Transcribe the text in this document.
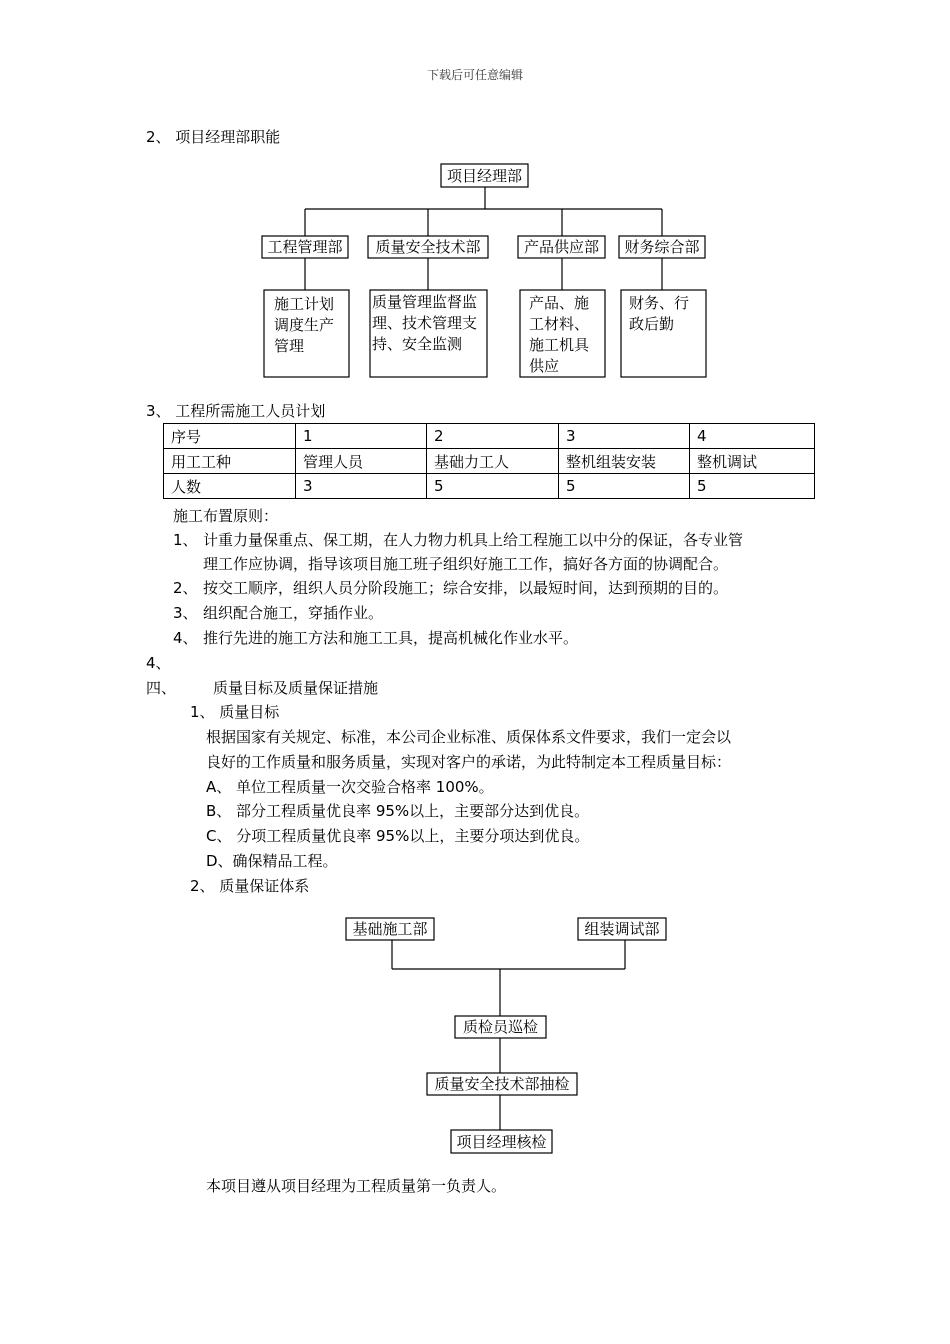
下载后可任意编辑
2、 项目经理部职能
项目经理部
工程管理部 质量安全技术部	产品供应部 财务综合部
施工计划
调度生产
管理
质量管理监督监
理、技术管理支
持、安全监测
产品、施
工材料、
施工机具
供应
财务、行
政后勤
3、 工程所需施工人员计划
序号	1	2	3	4
用工工种	管理人员	基础力工人	整机组装安装	整机调试
人数	3	5	5	5
施工布置原则：
1、 计重力量保重点、保工期，在人力物力机具上给工程施工以中分的保证，各专业管
理工作应协调，指导该项目施工班子组织好施工工作，搞好各方面的协调配合。
2、 按交工顺序，组织人员分阶段施工；综合安排，以最短时间，达到预期的目的。
3、 组织配合施工，穿插作业。
4、 推行先进的施工方法和施工工具，提高机械化作业水平。
4、
四、 质量目标及质量保证措施
1、 质量目标
根据国家有关规定、标准，本公司企业标准、质保体系文件要求，我们一定会以
良好的工作质量和服务质量，实现对客户的承诺，为此特制定本工程质量目标：
A、 单位工程质量一次交验合格率 100%。
B、 部分工程质量优良率 95%以上，主要部分达到优良。
C、 分项工程质量优良率 95%以上，主要分项达到优良。
D、确保精品工程。
2、 质量保证体系
基础施工部	组装调试部
质检员巡检
质量安全技术部抽检
项目经理核检
本项目遵从项目经理为工程质量第一负责人。
